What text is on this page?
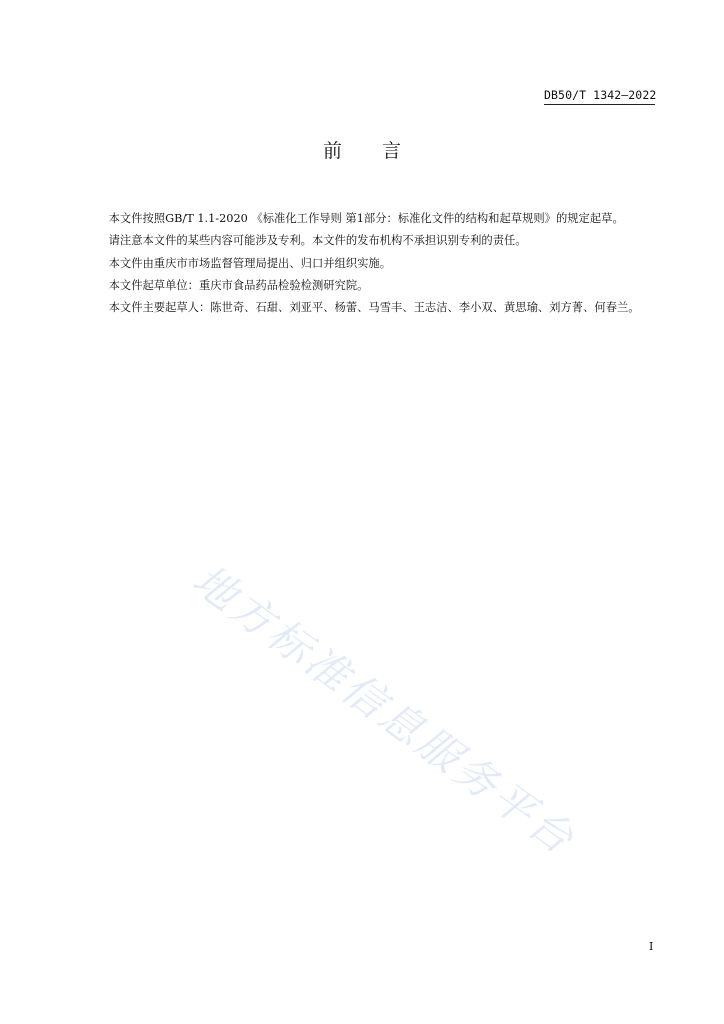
DB50/T 1342—2022
前言

本文件按照GB/T 1.1-2020 《标准化工作导则 第1部分：标准化文件的结构和起草规则》的规定起草。

请注意本文件的某些内容可能涉及专利。本文件的发布机构不承担识别专利的责任。

本文件由重庆市市场监督管理局提出、归口并组织实施。

本文件起草单位：重庆市食品药品检验检测研究院。

本文件主要起草人：陈世奇、石甜、刘亚平、杨蕾、马雪丰、王志洁、李小双、黄思瑜、刘方菁、何春兰。

地方标准信息服务平台
I
